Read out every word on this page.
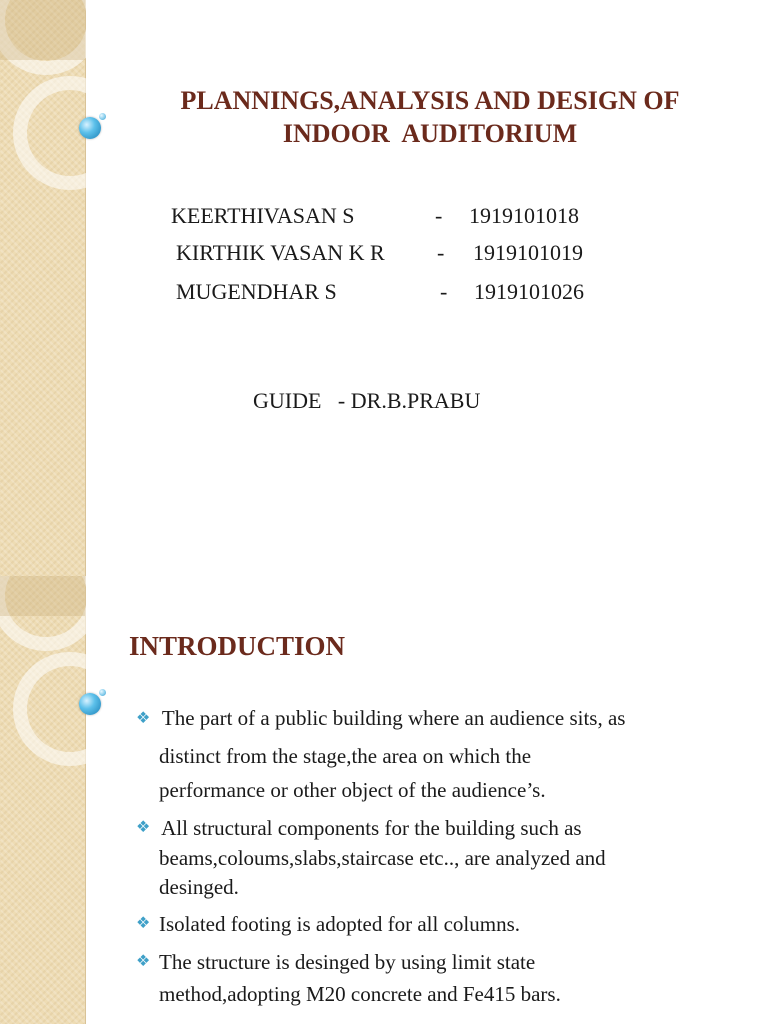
PLANNINGS,ANALYSIS AND DESIGN OF
INDOOR  AUDITORIUM
KEERTHIVASAN S	- 1919101018
KIRTHIK VASAN K R - 1919101019
MUGENDHAR S	- 1919101026
GUIDE   - DR.B.PRABU
INTRODUCTION
❖ The part of a public building where an audience sits, as
distinct from the stage,the area on which the
performance or other object of the audience’s.
❖ All structural components for the building such as
beams,coloums,slabs,staircase etc.., are analyzed and
desinged.
❖ Isolated footing is adopted for all columns.
❖ The structure is desinged by using limit state
method,adopting M20 concrete and Fe415 bars.
